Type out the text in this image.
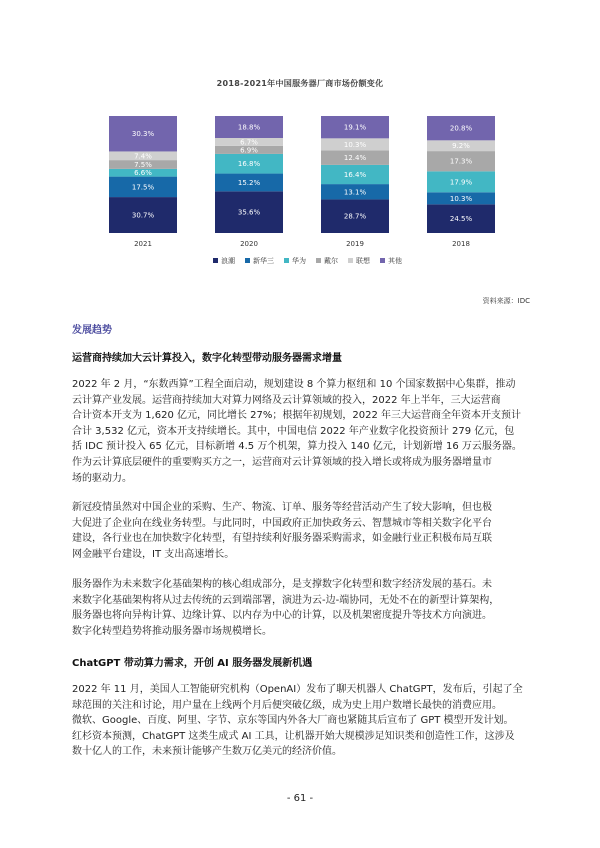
2018-2021年中国服务器厂商市场份额变化
30.7%
17.5%
6.6%
7.5%
7.4%
30.3%
2021
35.6%
15.2%
16.8%
6.9%
6.7%
18.8%
2020
28.7%
13.1%
16.4%
12.4%
10.3%
19.1%
2019
24.5%
10.3%
17.9%
17.3%
9.2%
20.8%
2018
浪潮	新华三	华为	戴尔	联想	其他
资料来源：IDC
发展趋势
运营商持续加大云计算投入，数字化转型带动服务器需求增量
2022 年 2 月，“东数西算”工程全面启动，规划建设 8 个算力枢纽和 10 个国家数据中心集群，推动
云计算产业发展。运营商持续加大对算力网络及云计算领域的投入，2022 年上半年，三大运营商
合计资本开支为 1,620 亿元，同比增长 27%；根据年初规划，2022 年三大运营商全年资本开支预计
合计 3,532 亿元，资本开支持续增长。其中，中国电信 2022 年产业数字化投资预计 279 亿元，包
括 IDC 预计投入 65 亿元，目标新增 4.5 万个机架，算力投入 140 亿元，计划新增 16 万云服务器。
作为云计算底层硬件的重要购买方之一，运营商对云计算领域的投入增长或将成为服务器增量市
场的驱动力。
新冠疫情虽然对中国企业的采购、生产、物流、订单、服务等经营活动产生了较大影响，但也极
大促进了企业向在线业务转型。与此同时，中国政府正加快政务云、智慧城市等相关数字化平台
建设，各行业也在加快数字化转型，有望持续利好服务器采购需求，如金融行业正积极布局互联
网金融平台建设，IT 支出高速增长。
服务器作为未来数字化基础架构的核心组成部分，是支撑数字化转型和数字经济发展的基石。未
来数字化基础架构将从过去传统的云到端部署，演进为云-边-端协同，无处不在的新型计算架构，
服务器也将向异构计算、边缘计算、以内存为中心的计算，以及机架密度提升等技术方向演进。
数字化转型趋势将推动服务器市场规模增长。
ChatGPT 带动算力需求，开创 AI 服务器发展新机遇
2022 年 11 月，美国人工智能研究机构（OpenAI）发布了聊天机器人 ChatGPT，发布后，引起了全
球范围的关注和讨论，用户量在上线两个月后便突破亿级，成为史上用户数增长最快的消费应用。
微软、Google、百度、阿里、字节、京东等国内外各大厂商也紧随其后宣布了 GPT 模型开发计划。
红杉资本预测，ChatGPT 这类生成式 AI 工具，让机器开始大规模涉足知识类和创造性工作，这涉及
数十亿人的工作，未来预计能够产生数万亿美元的经济价值。
- 61 -
